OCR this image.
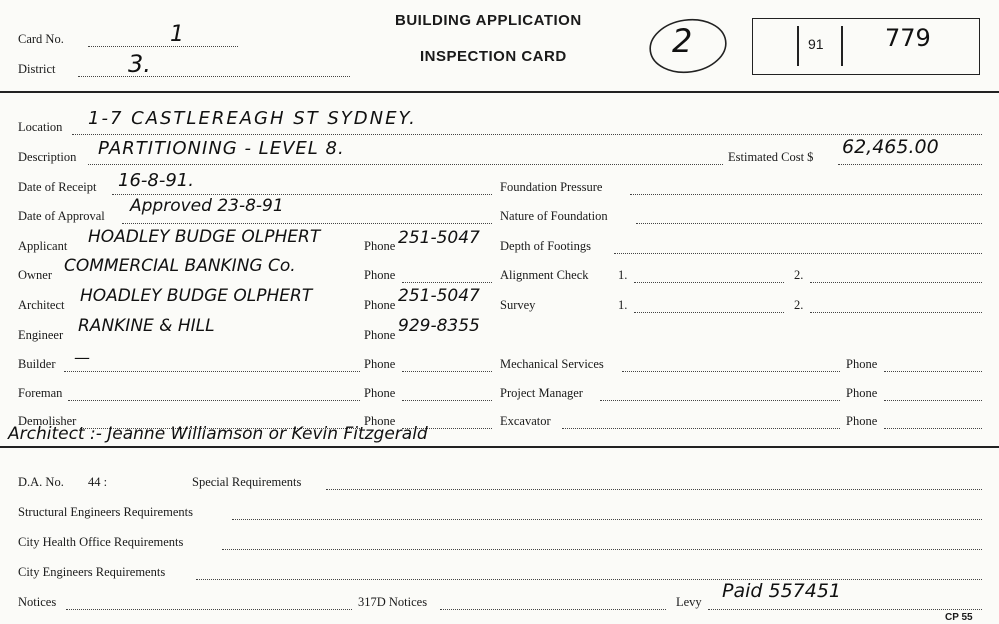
Card No.	1
District	3.
BUILDING APPLICATION
INSPECTION CARD	2	91	779
Location 1-7 CASTLEREAGH ST SYDNEY.
Description PARTITIONING - LEVEL 8.	Estimated Cost $ 62,465.00
Date of Receipt 16-8-91.
Date of Approval Approved 23-8-91
Applicant HOADLEY BUDGE OLPHERT	Phone 251-5047
Owner COMMERCIAL BANKING Co.	Phone
Architect HOADLEY BUDGE OLPHERT	Phone 251-5047
Engineer RANKINE & HILL	Phone 929-8355
Builder —	Phone
Foreman	Phone
Demolisher	Phone
Foundation Pressure
Nature of Foundation
Depth of Footings
Alignment Check 1.	2.
Survey	1.	2.
Mechanical Services	Phone
Project Manager	Phone
Excavator	Phone
Architect :- Jeanne Williamson or Kevin Fitzgerald
D.A. No. 44 :	Special Requirements
Structural Engineers Requirements
City Health Office Requirements
City Engineers Requirements
Notices	317D Notices	Levy Paid 557451
CP 55
